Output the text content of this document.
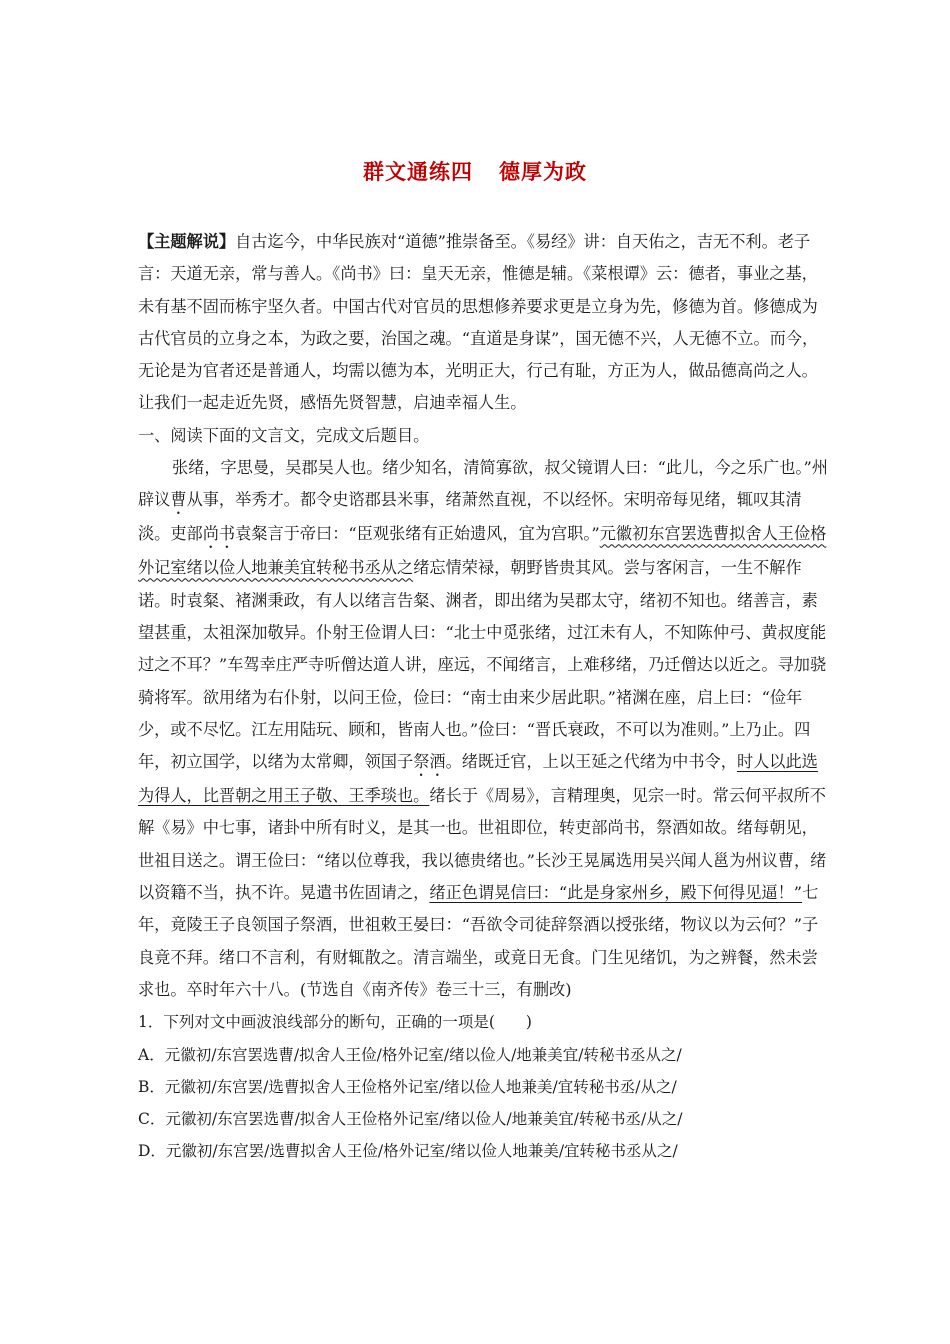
群文通练四 德厚为政

【主题解说】自古迄今，中华民族对“道德”推崇备至。《易经》讲：自天佑之，吉无不利。老子言：天道无亲，常与善人。《尚书》曰：皇天无亲，惟德是辅。《菜根谭》云：德者，事业之基，未有基不固而栋宇坚久者。中国古代对官员的思想修养要求更是立身为先，修德为首。修德成为古代官员的立身之本，为政之要，治国之魂。“直道是身谋”，国无德不兴，人无德不立。而今，无论是为官者还是普通人，均需以德为本，光明正大，行己有耻，方正为人，做品德高尚之人。让我们一起走近先贤，感悟先贤智慧，启迪幸福人生。

一、阅读下面的文言文，完成文后题目。

张绪，字思曼，吴郡吴人也。绪少知名，清简寡欲，叔父镜谓人曰：“此儿，今之乐广也。”州辟议曹从事，举秀才。都令史谘郡县米事，绪萧然直视，不以经怀。宋明帝每见绪，辄叹其清淡。吏部尚书袁粲言于帝曰：“臣观张绪有正始遗风，宜为宫职。”元徽初东宫罢选曹拟舍人王俭格外记室绪以俭人地兼美宜转秘书丞从之绪忘情荣禄，朝野皆贵其风。尝与客闲言，一生不解作诺。时袁粲、褚渊秉政，有人以绪言告粲、渊者，即出绪为吴郡太守，绪初不知也。绪善言，素望甚重，太祖深加敬异。仆射王俭谓人曰：“北士中觅张绪，过江未有人，不知陈仲弓、黄叔度能过之不耳？”车驾幸庄严寺听僧达道人讲，座远，不闻绪言，上难移绪，乃迁僧达以近之。寻加骁骑将军。欲用绪为右仆射，以问王俭，俭曰：“南士由来少居此职。”褚渊在座，启上曰：“俭年少，或不尽忆。江左用陆玩、顾和，皆南人也。”俭曰：“晋氏衰政，不可以为准则。”上乃止。四年，初立国学，以绪为太常卿，领国子祭酒。绪既迁官，上以王延之代绪为中书令，时人以此选为得人，比晋朝之用王子敬、王季琰也。绪长于《周易》，言精理奥，见宗一时。常云何平叔所不解《易》中七事，诸卦中所有时义，是其一也。世祖即位，转吏部尚书，祭酒如故。绪每朝见，世祖目送之。谓王俭曰：“绪以位尊我，我以德贵绪也。”长沙王晃属选用吴兴闻人邕为州议曹，绪以资籍不当，执不许。晃遣书佐固请之，绪正色谓晃信曰：“此是身家州乡，殿下何得见逼！”七年，竟陵王子良领国子祭酒，世祖敕王晏曰：“吾欲令司徒辞祭酒以授张绪，物议以为云何？”子良竟不拜。绪口不言利，有财辄散之。清言端坐，或竟日无食。门生见绪饥，为之辨餐，然未尝求也。卒时年六十八。(节选自《南齐传》卷三十三，有删改)

1．下列对文中画波浪线部分的断句，正确的一项是(　　)

A．元徽初/东宫罢选曹/拟舍人王俭/格外记室/绪以俭人/地兼美宜/转秘书丞从之/

B．元徽初/东宫罢/选曹拟舍人王俭格外记室/绪以俭人地兼美/宜转秘书丞/从之/

C．元徽初/东宫罢选曹/拟舍人王俭格外记室/绪以俭人/地兼美宜/转秘书丞/从之/

D．元徽初/东宫罢/选曹拟舍人王俭/格外记室/绪以俭人地兼美/宜转秘书丞从之/
